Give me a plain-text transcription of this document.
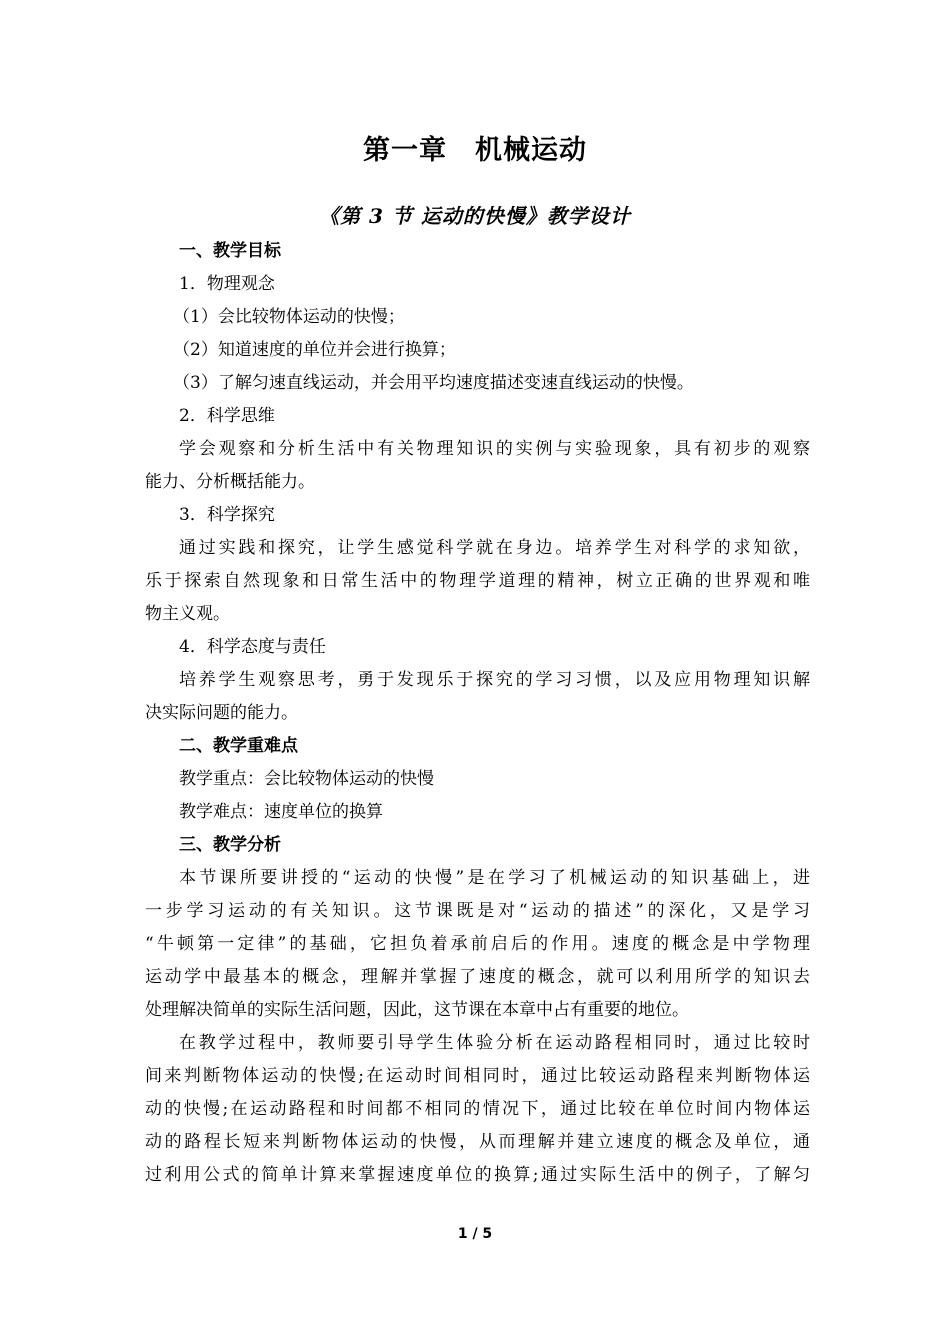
第一章　机械运动
《第 3 节 运动的快慢》教学设计
一、教学目标
1．物理观念
（1）会比较物体运动的快慢；
（2）知道速度的单位并会进行换算；
（3）了解匀速直线运动，并会用平均速度描述变速直线运动的快慢。
2．科学思维
学会观察和分析生活中有关物理知识的实例与实验现象，具有初步的观察
能力、分析概括能力。
3．科学探究
通过实践和探究，让学生感觉科学就在身边。培养学生对科学的求知欲，
乐于探索自然现象和日常生活中的物理学道理的精神，树立正确的世界观和唯
物主义观。
4．科学态度与责任
培养学生观察思考，勇于发现乐于探究的学习习惯，以及应用物理知识解
决实际问题的能力。
二、教学重难点
教学重点：会比较物体运动的快慢
教学难点：速度单位的换算
三、教学分析
本节课所要讲授的“运动的快慢”是在学习了机械运动的知识基础上，进
一步学习运动的有关知识。这节课既是对“运动的描述”的深化，又是学习
“牛顿第一定律”的基础，它担负着承前启后的作用。速度的概念是中学物理
运动学中最基本的概念，理解并掌握了速度的概念，就可以利用所学的知识去
处理解决简单的实际生活问题，因此，这节课在本章中占有重要的地位。
在教学过程中，教师要引导学生体验分析在运动路程相同时，通过比较时
间来判断物体运动的快慢;在运动时间相同时，通过比较运动路程来判断物体运
动的快慢;在运动路程和时间都不相同的情况下，通过比较在单位时间内物体运
动的路程长短来判断物体运动的快慢，从而理解并建立速度的概念及单位，通
过利用公式的简单计算来掌握速度单位的换算;通过实际生活中的例子，了解匀
1 / 5
